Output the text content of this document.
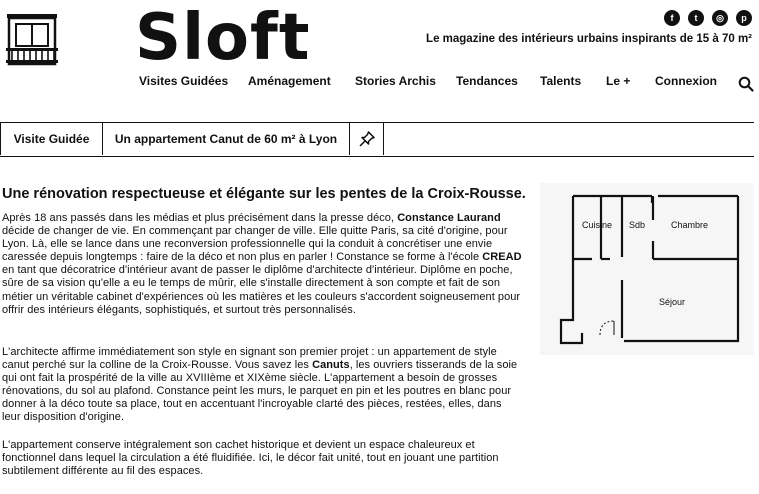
Sloft	f	t	◎	p
Le magazine des intérieurs urbains inspirants de 15 à 70 m²
Visites Guidées Aménagement Stories Archis Tendances Talents Le + Connexion
Visite Guidée	Un appartement Canut de 60 m² à Lyon
Une rénovation respectueuse et élégante sur les pentes de la Croix-Rousse.

Après 18 ans passés dans les médias et plus précisément dans la presse déco, Constance Laurand décide de changer de vie. En commençant par changer de ville. Elle quitte Paris, sa cité d'origine, pour Lyon. Là, elle se lance dans une reconversion professionnelle qui la conduit à concrétiser une envie caressée depuis longtemps : faire de la déco et non plus en parler ! Constance se forme à l'école CREAD en tant que décoratrice d'intérieur avant de passer le diplôme d'architecte d'intérieur. Diplôme en poche, sûre de sa vision qu'elle a eu le temps de mûrir, elle s'installe directement à son compte et fait de son métier un véritable cabinet d'expériences où les matières et les couleurs s'accordent soigneusement pour offrir des intérieurs élégants, sophistiqués, et surtout très personnalisés.

L'architecte affirme immédiatement son style en signant son premier projet : un appartement de style canut perché sur la colline de la Croix-Rousse. Vous savez les Canuts, les ouvriers tisserands de la soie qui ont fait la prospérité de la ville au XVIIIème et XIXème siècle. L'appartement a besoin de grosses rénovations, du sol au plafond. Constance peint les murs, le parquet en pin et les poutres en blanc pour donner à la déco toute sa place, tout en accentuant l'incroyable clarté des pièces, restées, elles, dans leur disposition d'origine.

L'appartement conserve intégralement son cachet historique et devient un espace chaleureux et fonctionnel dans lequel la circulation a été fluidifiée. Ici, le décor fait unité, tout en jouant une partition subtilement différente au fil des espaces.

Cuisine Sdb	Chambre
Séjour
